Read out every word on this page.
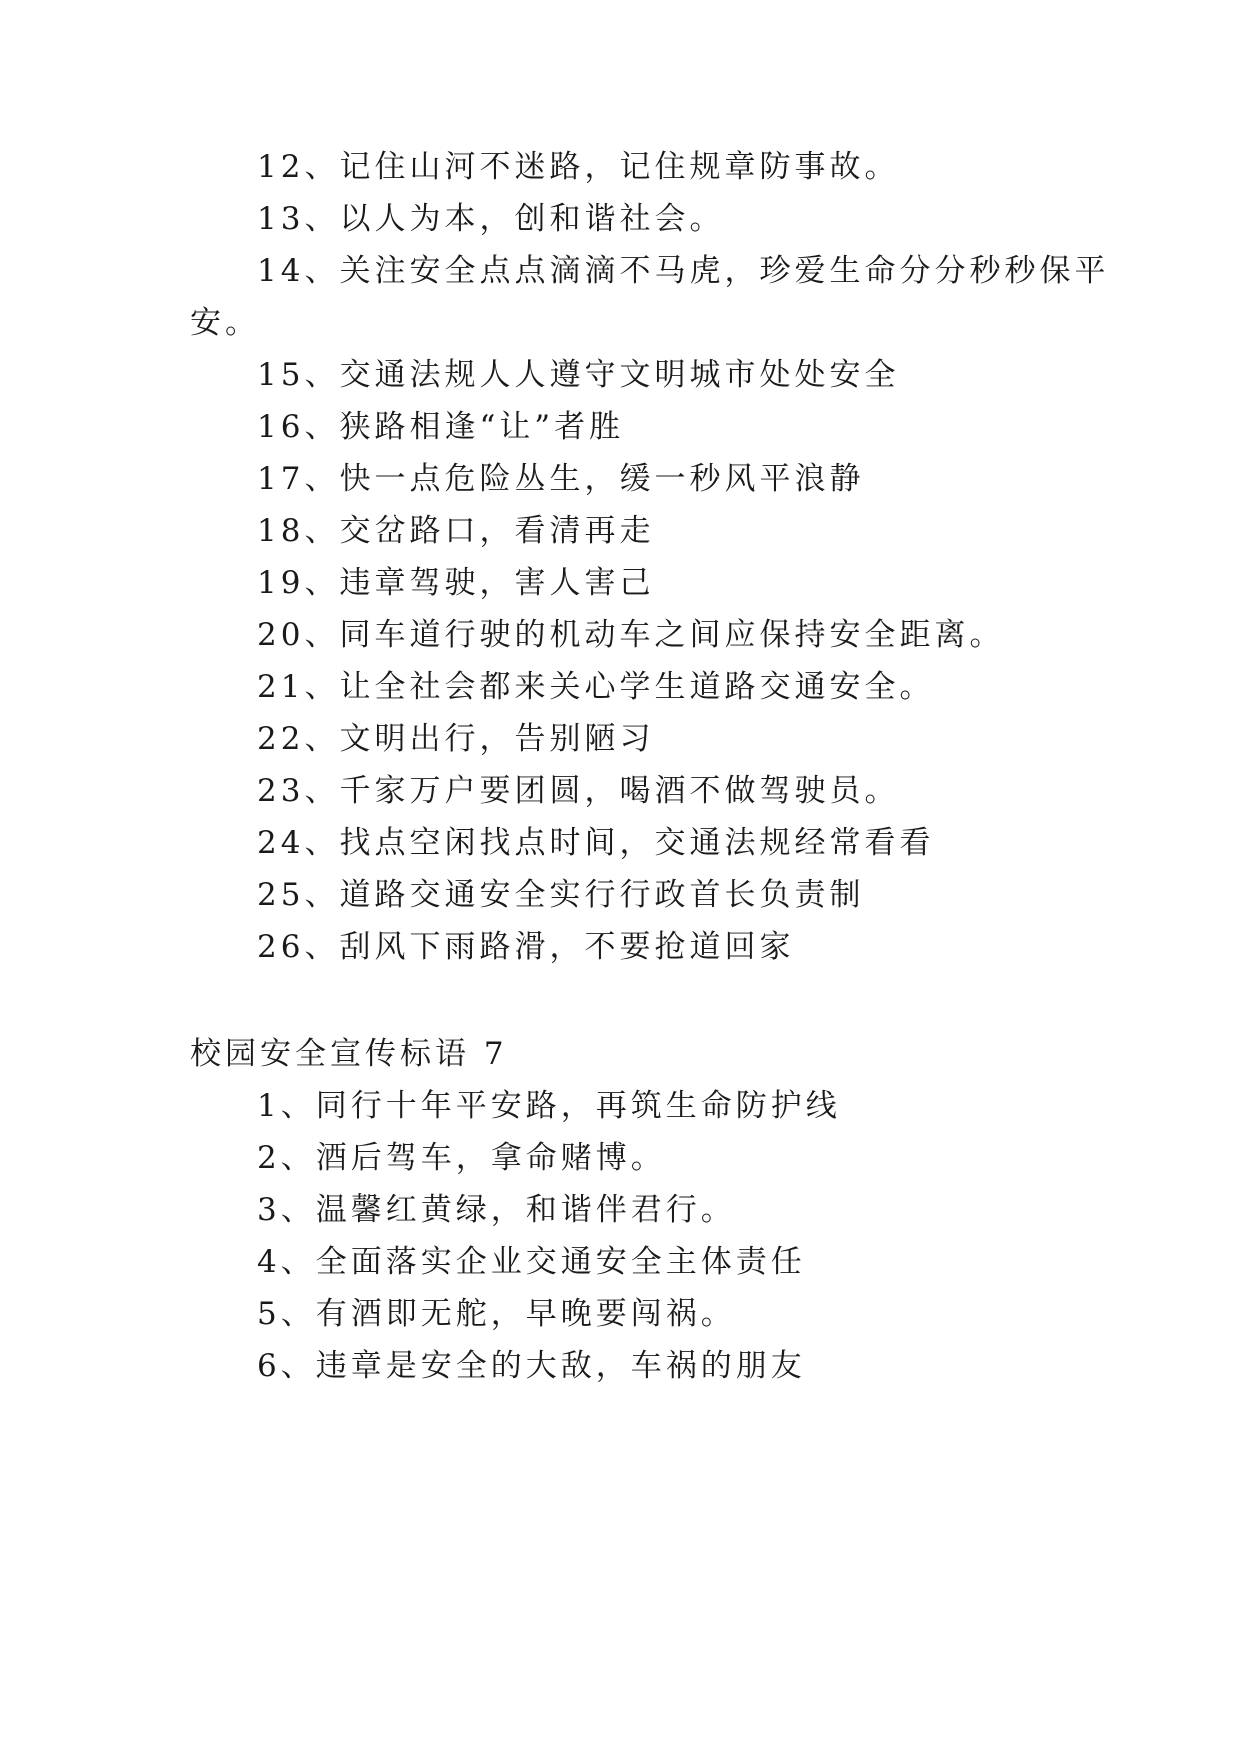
12、记住山河不迷路，记住规章防事故。
13、以人为本，创和谐社会。
14、关注安全点点滴滴不马虎，珍爱生命分分秒秒保平
安。
15、交通法规人人遵守文明城市处处安全
16、狭路相逢“让”者胜
17、快一点危险丛生，缓一秒风平浪静
18、交岔路口，看清再走
19、违章驾驶，害人害己
20、同车道行驶的机动车之间应保持安全距离。
21、让全社会都来关心学生道路交通安全。
22、文明出行，告别陋习
23、千家万户要团圆，喝酒不做驾驶员。
24、找点空闲找点时间，交通法规经常看看
25、道路交通安全实行行政首长负责制
26、刮风下雨路滑，不要抢道回家
校园安全宣传标语 7
1、同行十年平安路，再筑生命防护线
2、酒后驾车，拿命赌博。
3、温馨红黄绿，和谐伴君行。
4、全面落实企业交通安全主体责任
5、有酒即无舵，早晚要闯祸。
6、违章是安全的大敌，车祸的朋友
